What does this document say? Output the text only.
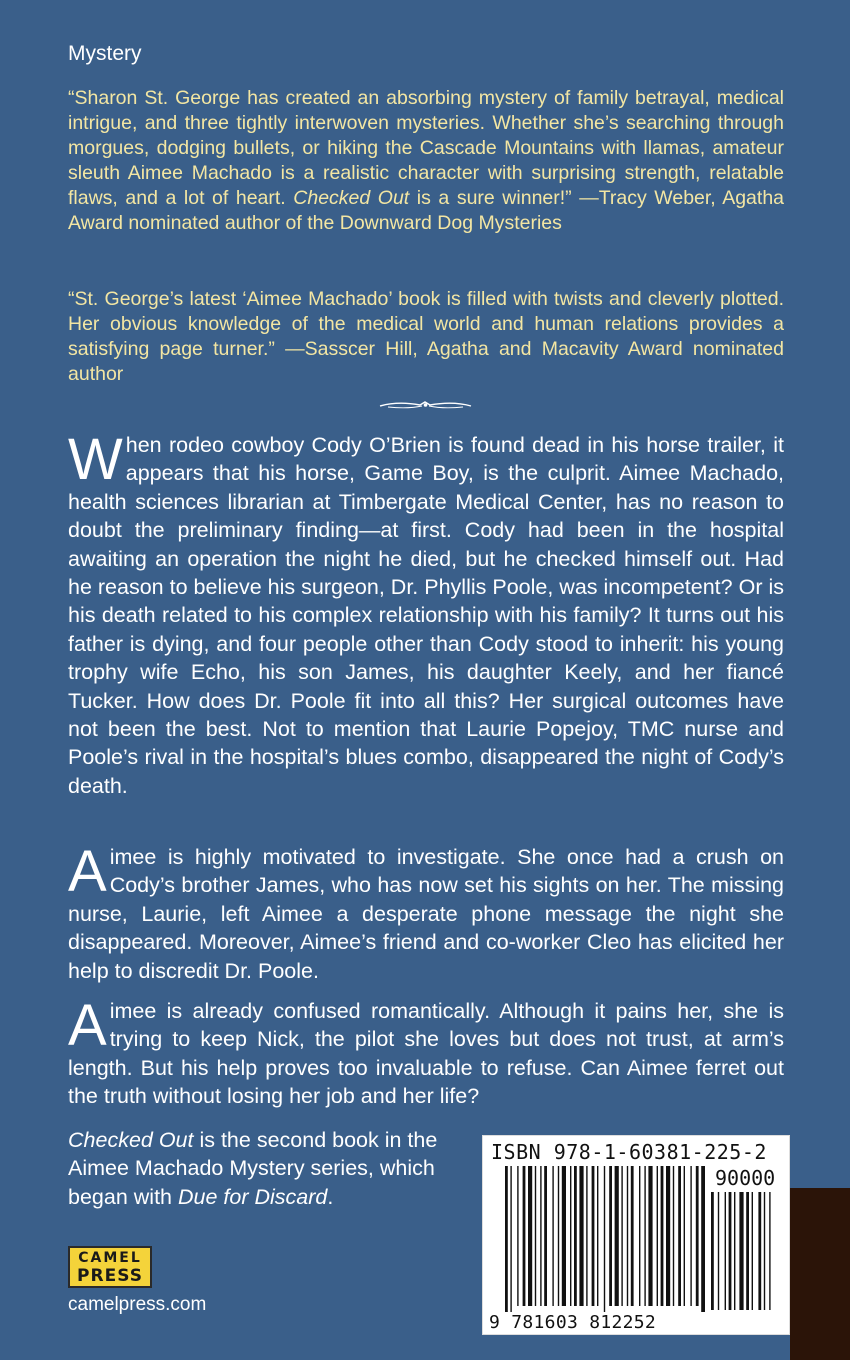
Mystery
“Sharon St. George has created an absorbing mystery of family betrayal, medical intrigue, and three tightly interwoven mysteries. Whether she’s searching through morgues, dodging bullets, or hiking the Cascade Mountains with llamas, amateur sleuth Aimee Machado is a realistic character with surprising strength, relatable flaws, and a lot of heart. Checked Out is a sure winner!” —Tracy Weber, Agatha Award nominated author of the Downward Dog Mysteries
“St. George’s latest ‘Aimee Machado’ book is filled with twists and cleverly plotted. Her obvious knowledge of the medical world and human relations provides a satisfying page turner.” —Sasscer Hill, Agatha and Macavity Award nominated author
When rodeo cowboy Cody O’Brien is found dead in his horse trailer, it appears that his horse, Game Boy, is the culprit. Aimee Machado, health sciences librarian at Timbergate Medical Center, has no reason to doubt the preliminary finding—at first. Cody had been in the hospital awaiting an operation the night he died, but he checked himself out. Had he reason to believe his surgeon, Dr. Phyllis Poole, was incompetent? Or is his death related to his complex relationship with his family? It turns out his father is dying, and four people other than Cody stood to inherit: his young trophy wife Echo, his son James, his daughter Keely, and her fiancé Tucker. How does Dr. Poole fit into all this? Her surgical outcomes have not been the best. Not to mention that Laurie Popejoy, TMC nurse and Poole’s rival in the hospital’s blues combo, disappeared the night of Cody’s death.
Aimee is highly motivated to investigate. She once had a crush on Cody’s brother James, who has now set his sights on her. The missing nurse, Laurie, left Aimee a desperate phone message the night she disappeared. Moreover, Aimee’s friend and co-worker Cleo has elicited her help to discredit Dr. Poole.
Aimee is already confused romantically. Although it pains her, she is trying to keep Nick, the pilot she loves but does not trust, at arm’s length. But his help proves too invaluable to refuse. Can Aimee ferret out the truth without losing her job and her life?
Checked Out is the second book in the Aimee Machado Mystery series, which began with Due for Discard.
CAMEL
PRESS
camelpress.com
ISBN 978-1-60381-225-2
90000
9 781603 812252
